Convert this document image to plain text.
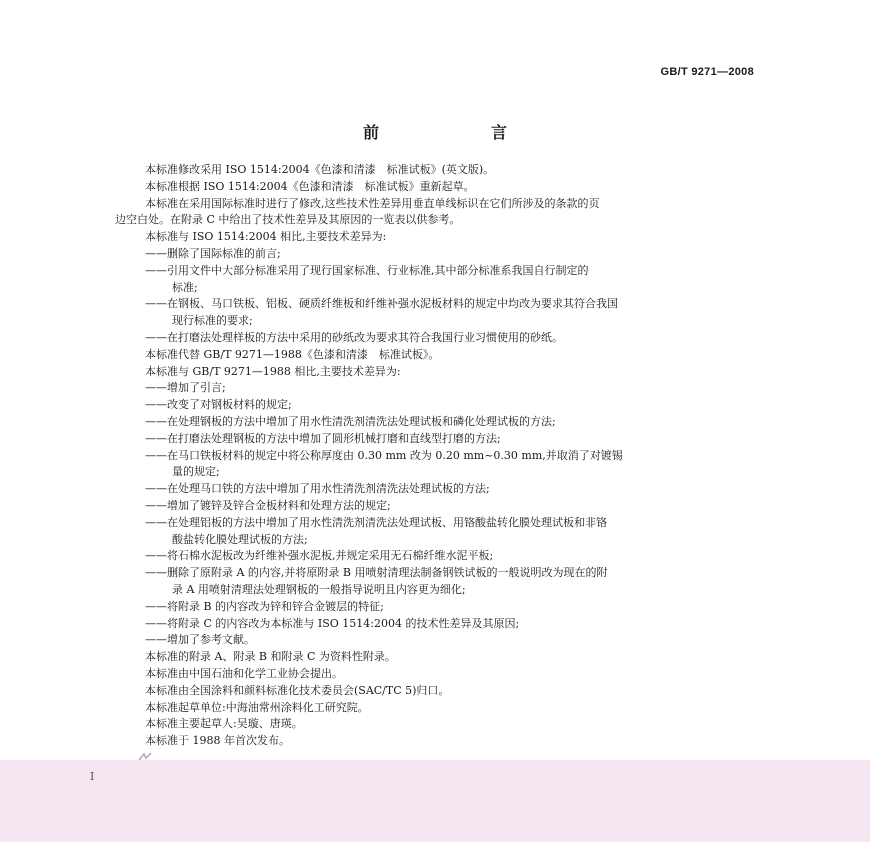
GB/T 9271—2008
前　言

本标准修改采用 ISO 1514:2004《色漆和清漆　标准试板》(英文版)。

本标准根据 ISO 1514:2004《色漆和清漆　标准试板》重新起草。

本标准在采用国际标准时进行了修改,这些技术性差异用垂直单线标识在它们所涉及的条款的页

边空白处。在附录 C 中给出了技术性差异及其原因的一览表以供参考。

本标准与 ISO 1514:2004 相比,主要技术差异为:

——删除了国际标准的前言;

——引用文件中大部分标准采用了现行国家标准、行业标准,其中部分标准系我国自行制定的

标准;

——在钢板、马口铁板、铝板、硬质纤维板和纤维补强水泥板材料的规定中均改为要求其符合我国

现行标准的要求;

——在打磨法处理样板的方法中采用的砂纸改为要求其符合我国行业习惯使用的砂纸。

本标准代替 GB/T 9271—1988《色漆和清漆　标准试板》。

本标准与 GB/T 9271—1988 相比,主要技术差异为:

——增加了引言;

——改变了对钢板材料的规定;

——在处理钢板的方法中增加了用水性清洗剂清洗法处理试板和磷化处理试板的方法;

——在打磨法处理钢板的方法中增加了圆形机械打磨和直线型打磨的方法;

——在马口铁板材料的规定中将公称厚度由 0.30 mm 改为 0.20 mm~0.30 mm,并取消了对镀锡

量的规定;

——在处理马口铁的方法中增加了用水性清洗剂清洗法处理试板的方法;

——增加了镀锌及锌合金板材料和处理方法的规定;

——在处理铝板的方法中增加了用水性清洗剂清洗法处理试板、用铬酸盐转化膜处理试板和非铬

酸盐转化膜处理试板的方法;

——将石棉水泥板改为纤维补强水泥板,并规定采用无石棉纤维水泥平板;

——删除了原附录 A 的内容,并将原附录 B 用喷射清理法制备钢铁试板的一般说明改为现在的附

录 A 用喷射清理法处理钢板的一般指导说明且内容更为细化;

——将附录 B 的内容改为锌和锌合金镀层的特征;

——将附录 C 的内容改为本标准与 ISO 1514:2004 的技术性差异及其原因;

——增加了参考文献。

本标准的附录 A、附录 B 和附录 C 为资料性附录。

本标准由中国石油和化学工业协会提出。

本标准由全国涂料和颜料标准化技术委员会(SAC/TC 5)归口。

本标准起草单位:中海油常州涂料化工研究院。

本标准主要起草人:吴璇、唐瑛。

本标准于 1988 年首次发布。

I
